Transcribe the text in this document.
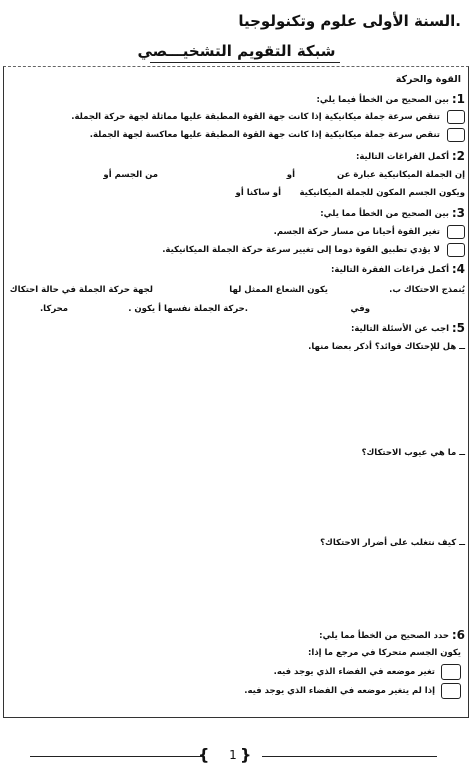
.السنة الأولى علوم وتكنولوجيا
شبكة التقويم التشخيـــصي
القوة والحركة
1:
بين الصحيح من الخطأ فيما يلي:
تنقص سرعة جملة ميكانيكية إذا كانت جهة القوة المطبقة عليها مماثلة لجهة حركة الجملة.
تنقص سرعة جملة ميكانيكية إذا كانت جهة القوة المطبقة عليها معاكسة لجهة الجملة.
2:
أكمل الفراغات التالية:
إن الجملة الميكانيكية عبارة عن
أو
من الجسم أو
ويكون الجسم المكون للجملة الميكانيكية
أو ساكنا أو
3:
بين الصحيح من الخطأ مما يلي:
تغير القوة أحيانا من مسار حركة الجسم.
لا يؤدي تطبيق القوة دوما إلى تغيير سرعة حركة الجملة الميكانيكية.
4:
أكمل فراغات الفقرة التالية:
يُنمذج الاحتكاك ب.
يكون الشعاع الممثل لها
لجهة حركة الجملة في حالة احتكاك
وفي
.حركة الجملة نفسها
أ يكون .
محركا.
5:
اجب عن الأسئلة التالية:
ــ هل للإحتكاك فوائد؟ أذكر بعضا منها.
ــ ما هي عيوب الاحتكاك؟
ــ كيف نتغلب على أضرار الاحتكاك؟
6:
حدد الصحيح من الخطأ مما يلي:
يكون الجسم متحركا في مرجع ما إذا:
تغير موضعه في الفضاء الذي يوجد فيه.
إذا لم يتغير موضعه في الفضاء الذي يوجد فيه.
{ }
1
